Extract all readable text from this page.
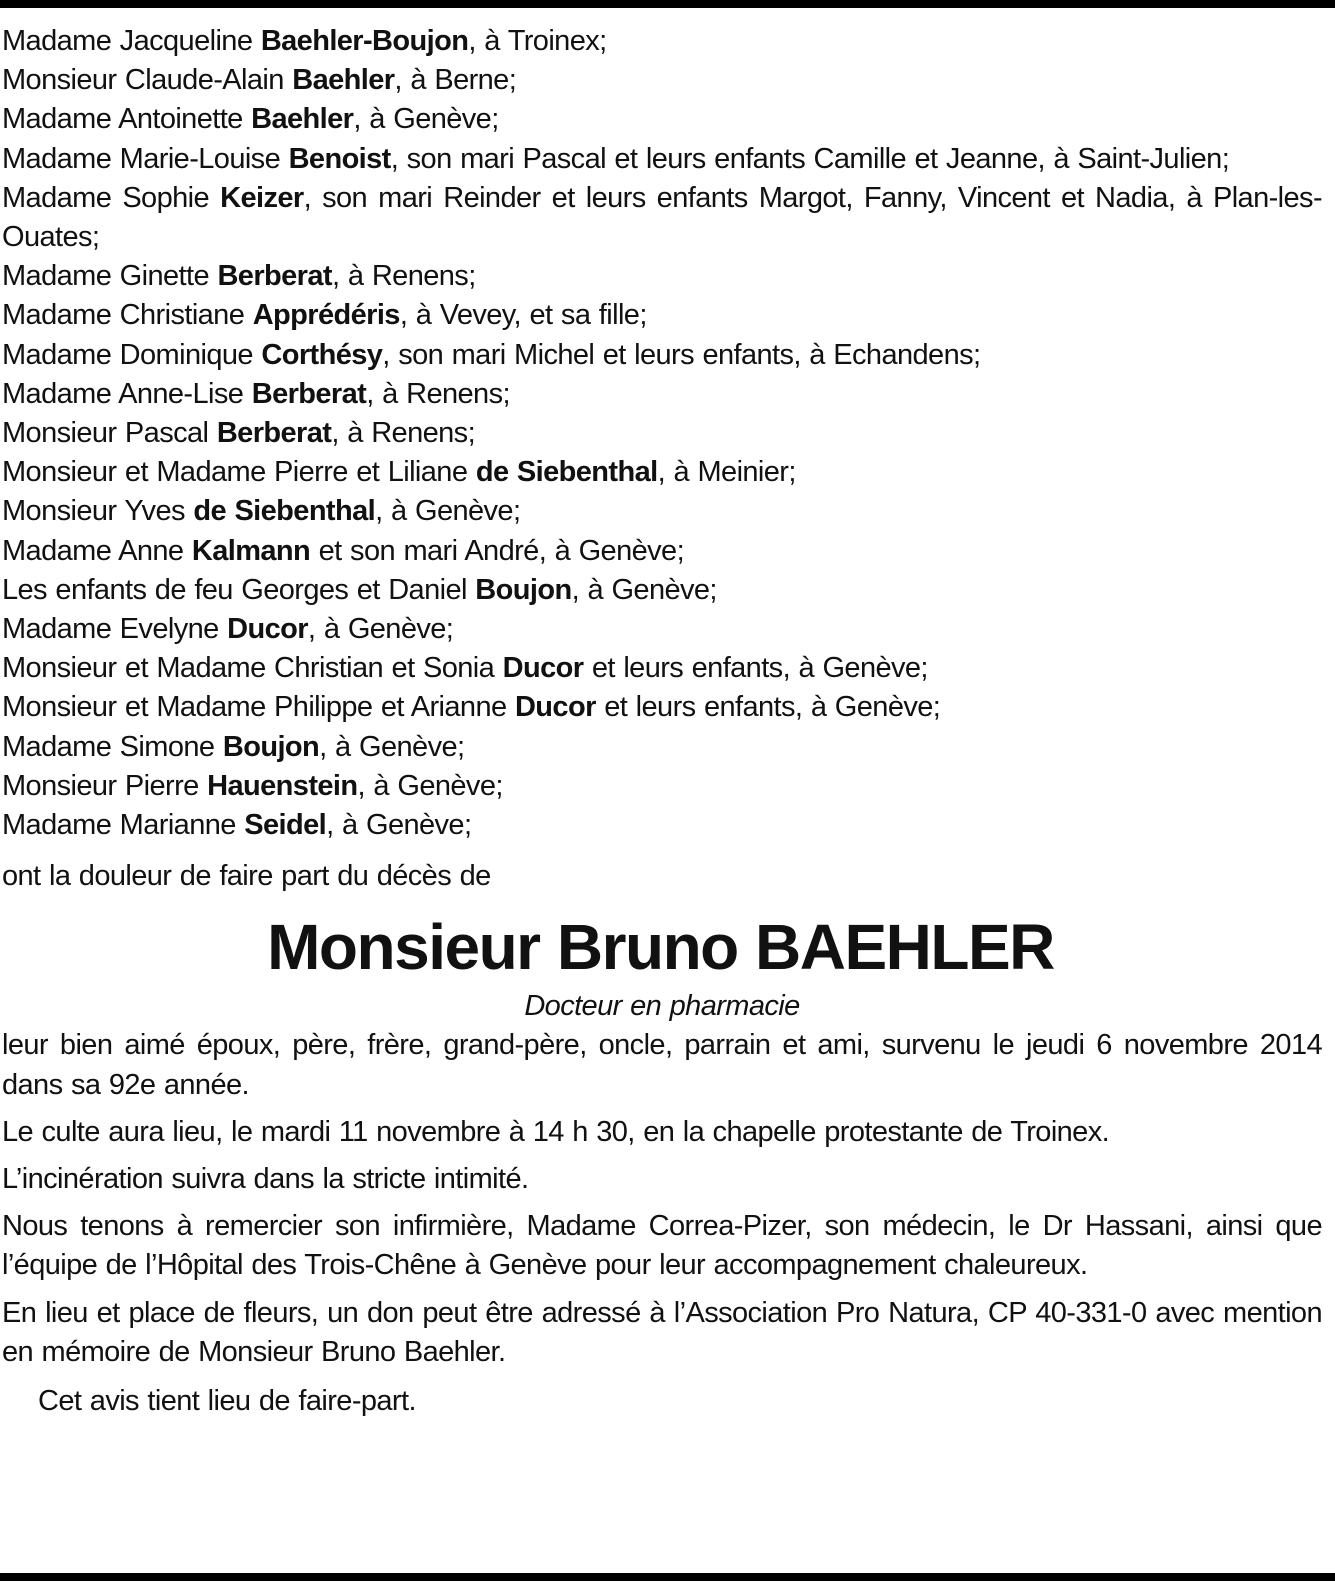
Madame Jacqueline Baehler-Boujon, à Troinex;
Monsieur Claude-Alain Baehler, à Berne;
Madame Antoinette Baehler, à Genève;
Madame Marie-Louise Benoist, son mari Pascal et leurs enfants Camille et Jeanne, à Saint-Julien;
Madame Sophie Keizer, son mari Reinder et leurs enfants Margot, Fanny, Vincent et Nadia, à Plan-les-Ouates;
Madame Ginette Berberat, à Renens;
Madame Christiane Apprédéris, à Vevey, et sa fille;
Madame Dominique Corthésy, son mari Michel et leurs enfants, à Echandens;
Madame Anne-Lise Berberat, à Renens;
Monsieur Pascal Berberat, à Renens;
Monsieur et Madame Pierre et Liliane de Siebenthal, à Meinier;
Monsieur Yves de Siebenthal, à Genève;
Madame Anne Kalmann et son mari André, à Genève;
Les enfants de feu Georges et Daniel Boujon, à Genève;
Madame Evelyne Ducor, à Genève;
Monsieur et Madame Christian et Sonia Ducor et leurs enfants, à Genève;
Monsieur et Madame Philippe et Arianne Ducor et leurs enfants, à Genève;
Madame Simone Boujon, à Genève;
Monsieur Pierre Hauenstein, à Genève;
Madame Marianne Seidel, à Genève;

ont la douleur de faire part du décès de

Monsieur Bruno BAEHLER

Docteur en pharmacie

leur bien aimé époux, père, frère, grand-père, oncle, parrain et ami, survenu le jeudi 6 novembre 2014 dans sa 92e année.

Le culte aura lieu, le mardi 11 novembre à 14 h 30, en la chapelle protestante de Troinex.

L’incinération suivra dans la stricte intimité.

Nous tenons à remercier son infirmière, Madame Correa-Pizer, son médecin, le Dr Hassani, ainsi que l’équipe de l’Hôpital des Trois-Chêne à Genève pour leur accompagnement chaleureux.

En lieu et place de fleurs, un don peut être adressé à l’Association Pro Natura, CP 40-331-0 avec mention en mémoire de Monsieur Bruno Baehler.

Cet avis tient lieu de faire-part.
